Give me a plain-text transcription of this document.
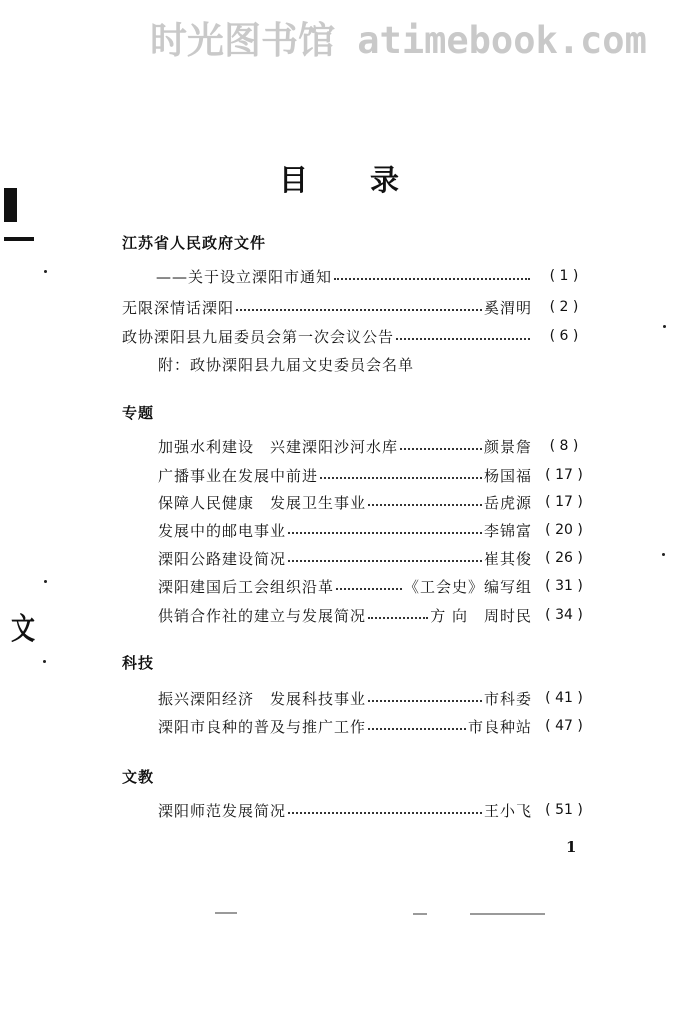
时光图书馆 atimebook.com
目 录
文
江苏省人民政府文件
——关于设立溧阳市通知	( 1 )
无限深情话溧阳	奚渭明	( 2 )
政协溧阳县九届委员会第一次会议公告	( 6 )
附：政协溧阳县九届文史委员会名单
专题
加强水利建设　兴建溧阳沙河水库	颜景詹	( 8 )
广播事业在发展中前进	杨国福 ( 17 )
保障人民健康　发展卫生事业	岳虎源 ( 17 )
发展中的邮电事业	李锦富 ( 20 )
溧阳公路建设简况	崔其俊 ( 26 )
溧阳建国后工会组织沿革	《工会史》编写组 ( 31 )
供销合作社的建立与发展简况	方 向　周时民 ( 34 )
科技
振兴溧阳经济　发展科技事业	市科委 ( 41 )
溧阳市良种的普及与推广工作	市良种站 ( 47 )
文教
溧阳师范发展简况	王小飞 ( 51 )
1
